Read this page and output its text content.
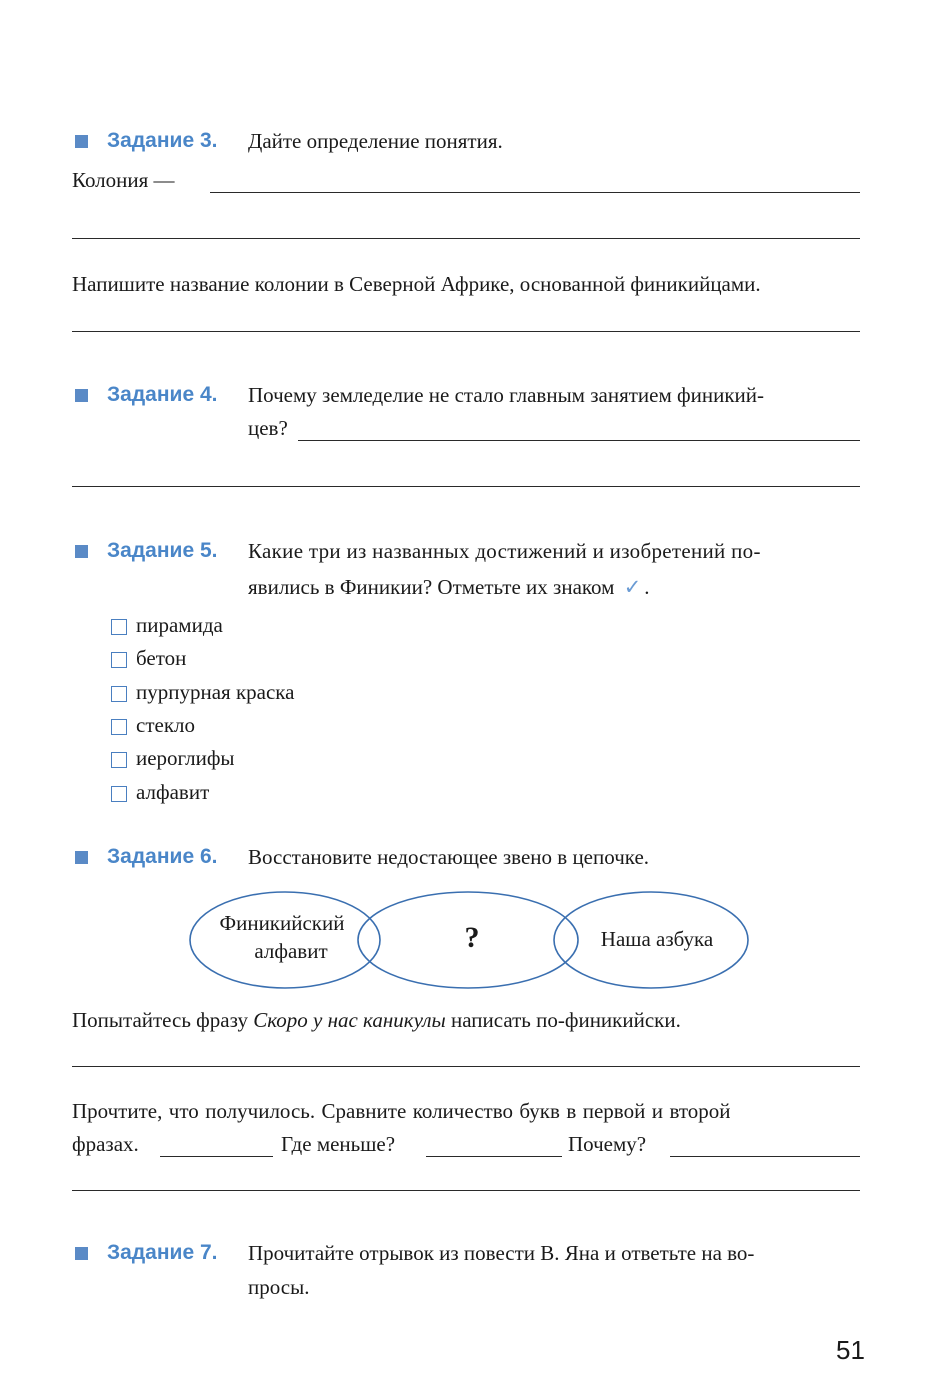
Задание 3. Дайте определение понятия.
Колония —
Напишите название колонии в Северной Африке, основанной финикийцами.
Задание 4. Почему земледелие не стало главным занятием финикий-
цев?
Задание 5. Какие три из названных достижений и изобретений по-
явились в Финикии? Отметьте их знаком ✓ .
пирамида
бетон
пурпурная краска
стекло
иероглифы
алфавит
Задание 6. Восстановите недостающее звено в цепочке.
Финикийский
алфавит	?	Наша азбука
Попытайтесь фразу Скоро у нас каникулы написать по-финикийски.
Прочтите, что получилось. Сравните количество букв в первой и второй
фразах.	Где меньше?	Почему?
Задание 7. Прочитайте отрывок из повести В. Яна и ответьте на во-
просы.
51
